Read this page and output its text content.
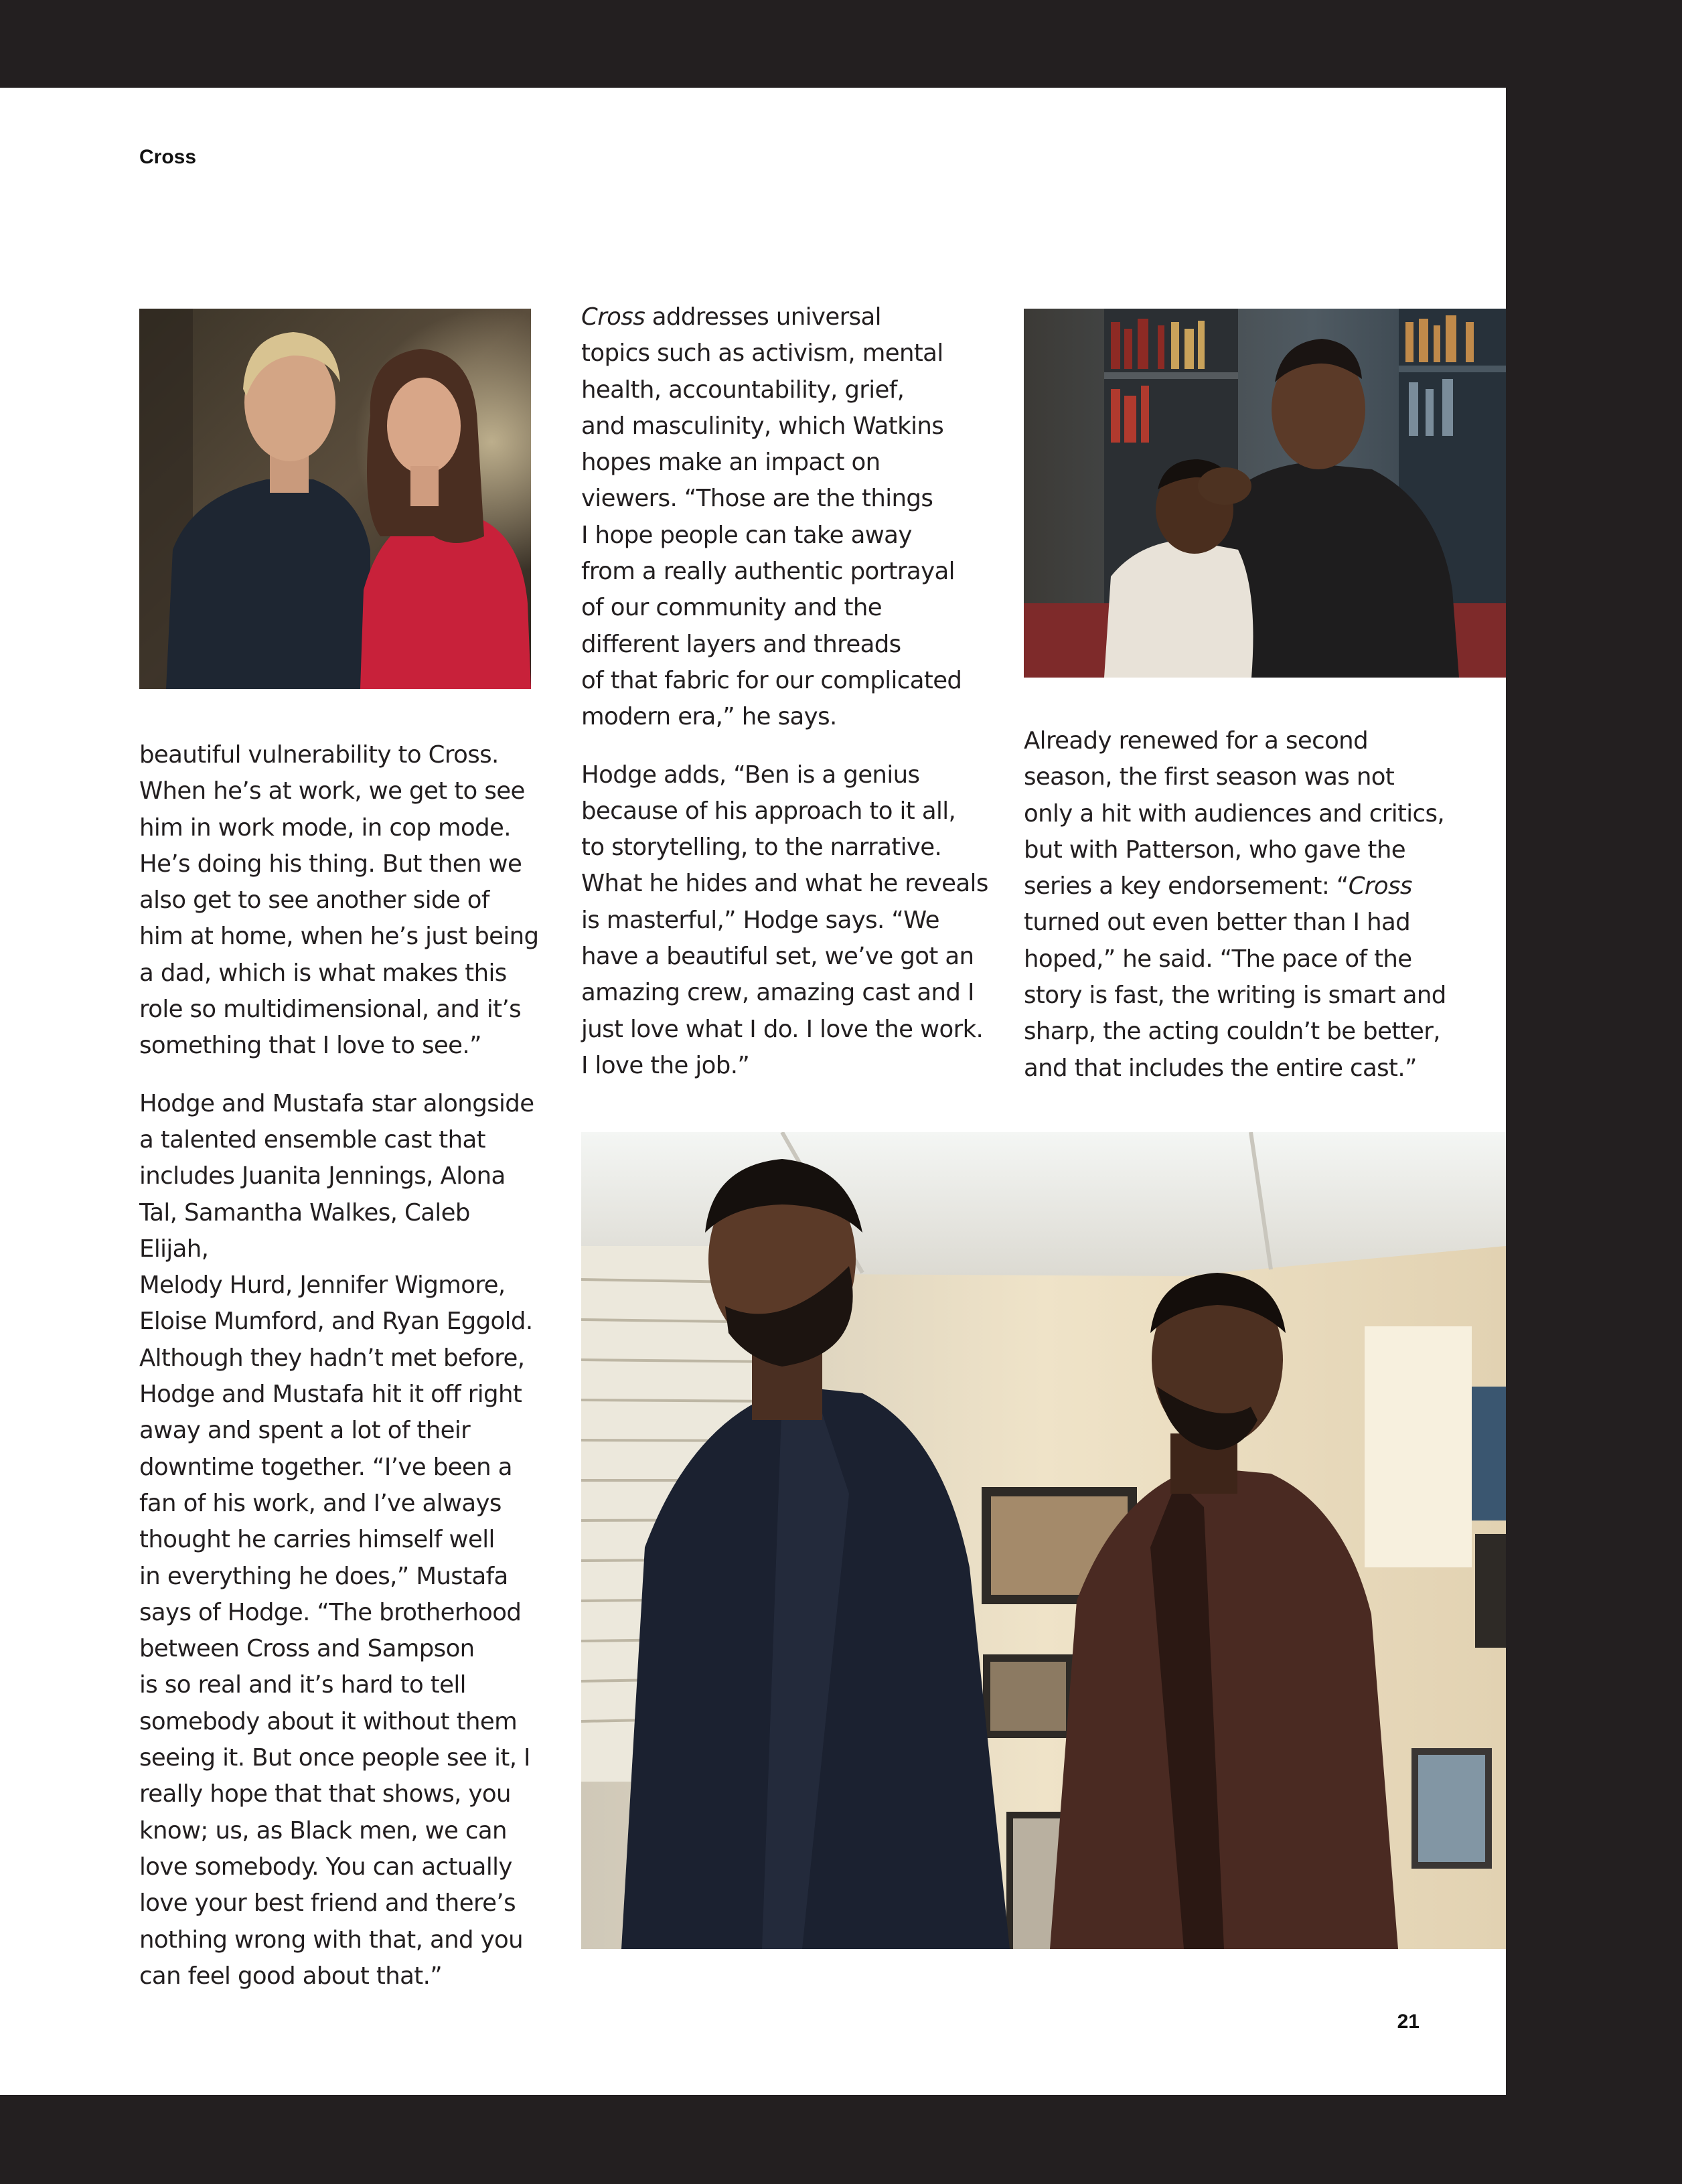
Cross

beautiful vulnerability to Cross.
When he’s at work, we get to see
him in work mode, in cop mode.
He’s doing his thing. But then we
also get to see another side of
him at home, when he’s just being
a dad, which is what makes this
role so multidimensional, and it’s
something that I love to see.”

Hodge and Mustafa star alongside
a talented ensemble cast that
includes Juanita Jennings, Alona
Tal, Samantha Walkes, Caleb Elijah,
Melody Hurd, Jennifer Wigmore,
Eloise Mumford, and Ryan Eggold.
Although they hadn’t met before,
Hodge and Mustafa hit it off right
away and spent a lot of their
downtime together. “I’ve been a
fan of his work, and I’ve always
thought he carries himself well
in everything he does,” Mustafa
says of Hodge. “The brotherhood
between Cross and Sampson
is so real and it’s hard to tell
somebody about it without them
seeing it. But once people see it, I
really hope that that shows, you
know; us, as Black men, we can
love somebody. You can actually
love your best friend and there’s
nothing wrong with that, and you
can feel good about that.”

Cross addresses universal
topics such as activism, mental
health, accountability, grief,
and masculinity, which Watkins
hopes make an impact on
viewers. “Those are the things
I hope people can take away
from a really authentic portrayal
of our community and the
different layers and threads
of that fabric for our complicated
modern era,” he says.

Hodge adds, “Ben is a genius
because of his approach to it all,
to storytelling, to the narrative.
What he hides and what he reveals
is masterful,” Hodge says. “We
have a beautiful set, we’ve got an
amazing crew, amazing cast and I
just love what I do. I love the work.
I love the job.”

Already renewed for a second
season, the first season was not
only a hit with audiences and critics,
but with Patterson, who gave the
series a key endorsement: “Cross
turned out even better than I had
hoped,” he said. “The pace of the
story is fast, the writing is smart and
sharp, the acting couldn’t be better,
and that includes the entire cast.”

21
